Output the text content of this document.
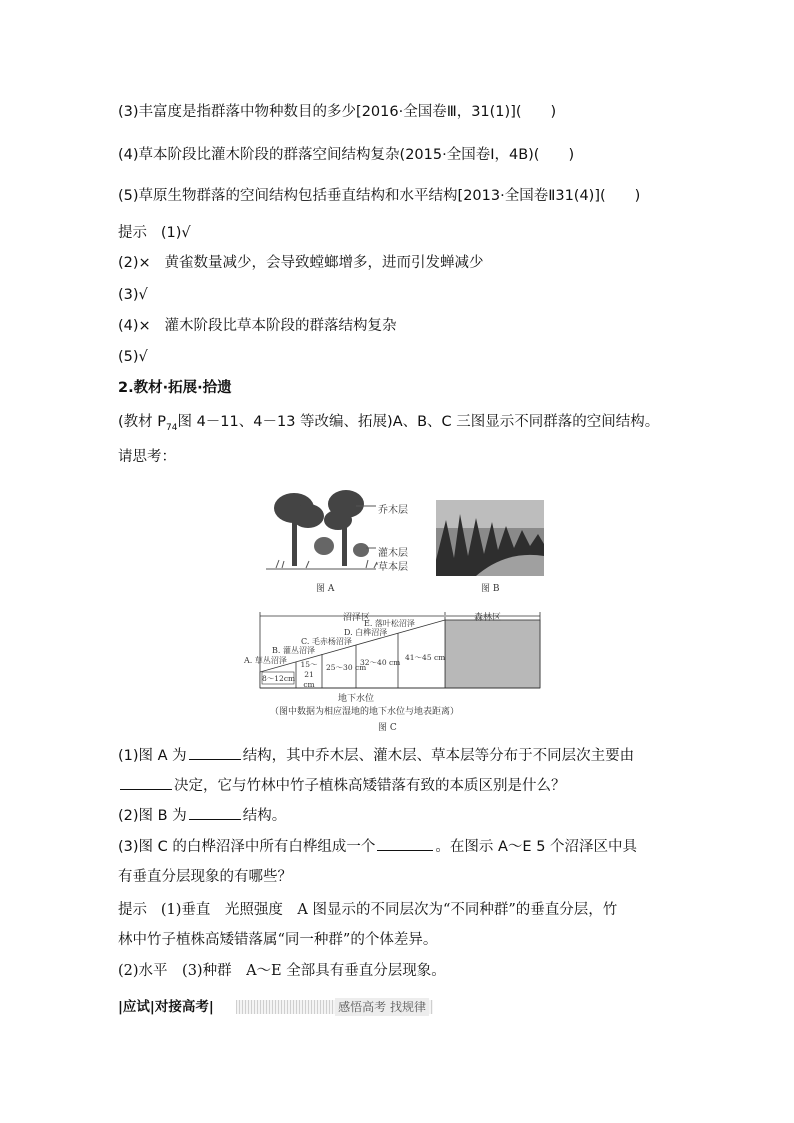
(3)丰富度是指群落中物种数目的多少[2016·全国卷Ⅲ，31(1)](　　)
(4)草本阶段比灌木阶段的群落空间结构复杂(2015·全国卷Ⅰ，4B)(　　)
(5)草原生物群落的空间结构包括垂直结构和水平结构[2013·全国卷Ⅱ31(4)](　　)
提示 (1)√
(2)× 黄雀数量减少，会导致螳螂增多，进而引发蝉减少
(3)√
(4)× 灌木阶段比草本阶段的群落结构复杂
(5)√
2.教材·拓展·拾遗
(教材 $P_{74}$图 4－11、4－13 等改编、拓展)A、B、C 三图显示不同群落的空间结构。
请思考：
乔木层
灌木层
草本层
图 A	图 B
沼泽区	森林区
E. 落叶松沼泽
D. 白桦沼泽
C. 毛赤杨沼泽
B. 灌丛沼泽
A. 草丛沼泽
8～12cm
15～21
cm
25～30 cm
32～40 cm
41～45 cm
地下水位
（图中数据为相应湿地的地下水位与地表距离）
图 C
(1)图 A 为	结构，其中乔木层、灌木层、草本层等分布于不同层次主要由
决定，它与竹林中竹子植株高矮错落有致的本质区别是什么？
(2)图 B 为	结构。
(3)图 C 的白桦沼泽中所有白桦组成一个	。在图示 A～E 5 个沼泽区中具
有垂直分层现象的有哪些？
提示 (1)垂直　光照强度　A 图显示的不同层次为“不同种群”的垂直分层，竹
林中竹子植株高矮错落属“同一种群”的个体差异。
(2)水平　(3)种群　A～E 全部具有垂直分层现象。
|应试|对接高考|	感悟高考 找规律
